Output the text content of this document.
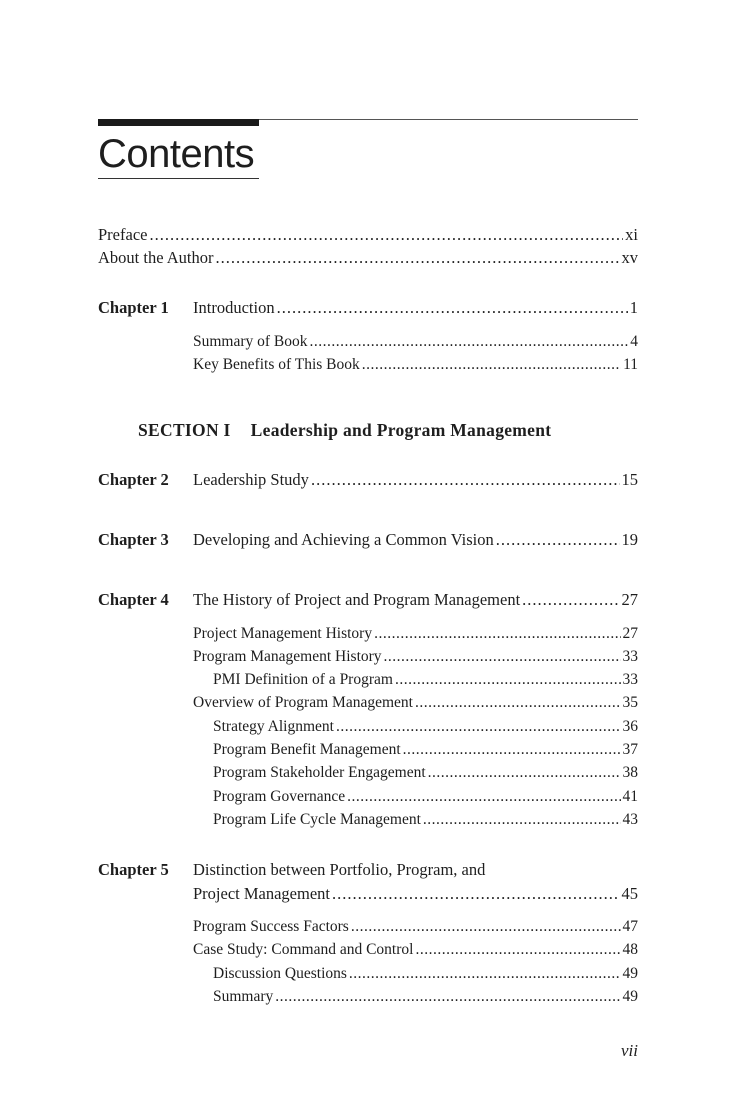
Contents
Preface .....	xi
About the Author .....	xv
Chapter 1 Introduction .....	1
Summary of Book .....	4
Key Benefits of This Book .....	11
SECTION I Leadership and Program Management
Chapter 2 Leadership Study .....	15
Chapter 3 Developing and Achieving a Common Vision .....	19
Chapter 4 The History of Project and Program Management .....	27
Project Management History .....	27
Program Management History .....	33
PMI Definition of a Program .....	33
Overview of Program Management .....	35
Strategy Alignment .....	36
Program Benefit Management .....	37
Program Stakeholder Engagement .....	38
Program Governance .....	41
Program Life Cycle Management .....	43
Chapter 5 Distinction between Portfolio, Program, and
Project Management .....	45
Program Success Factors .....	47
Case Study: Command and Control .....	48
Discussion Questions .....	49
Summary .....	49
vii
